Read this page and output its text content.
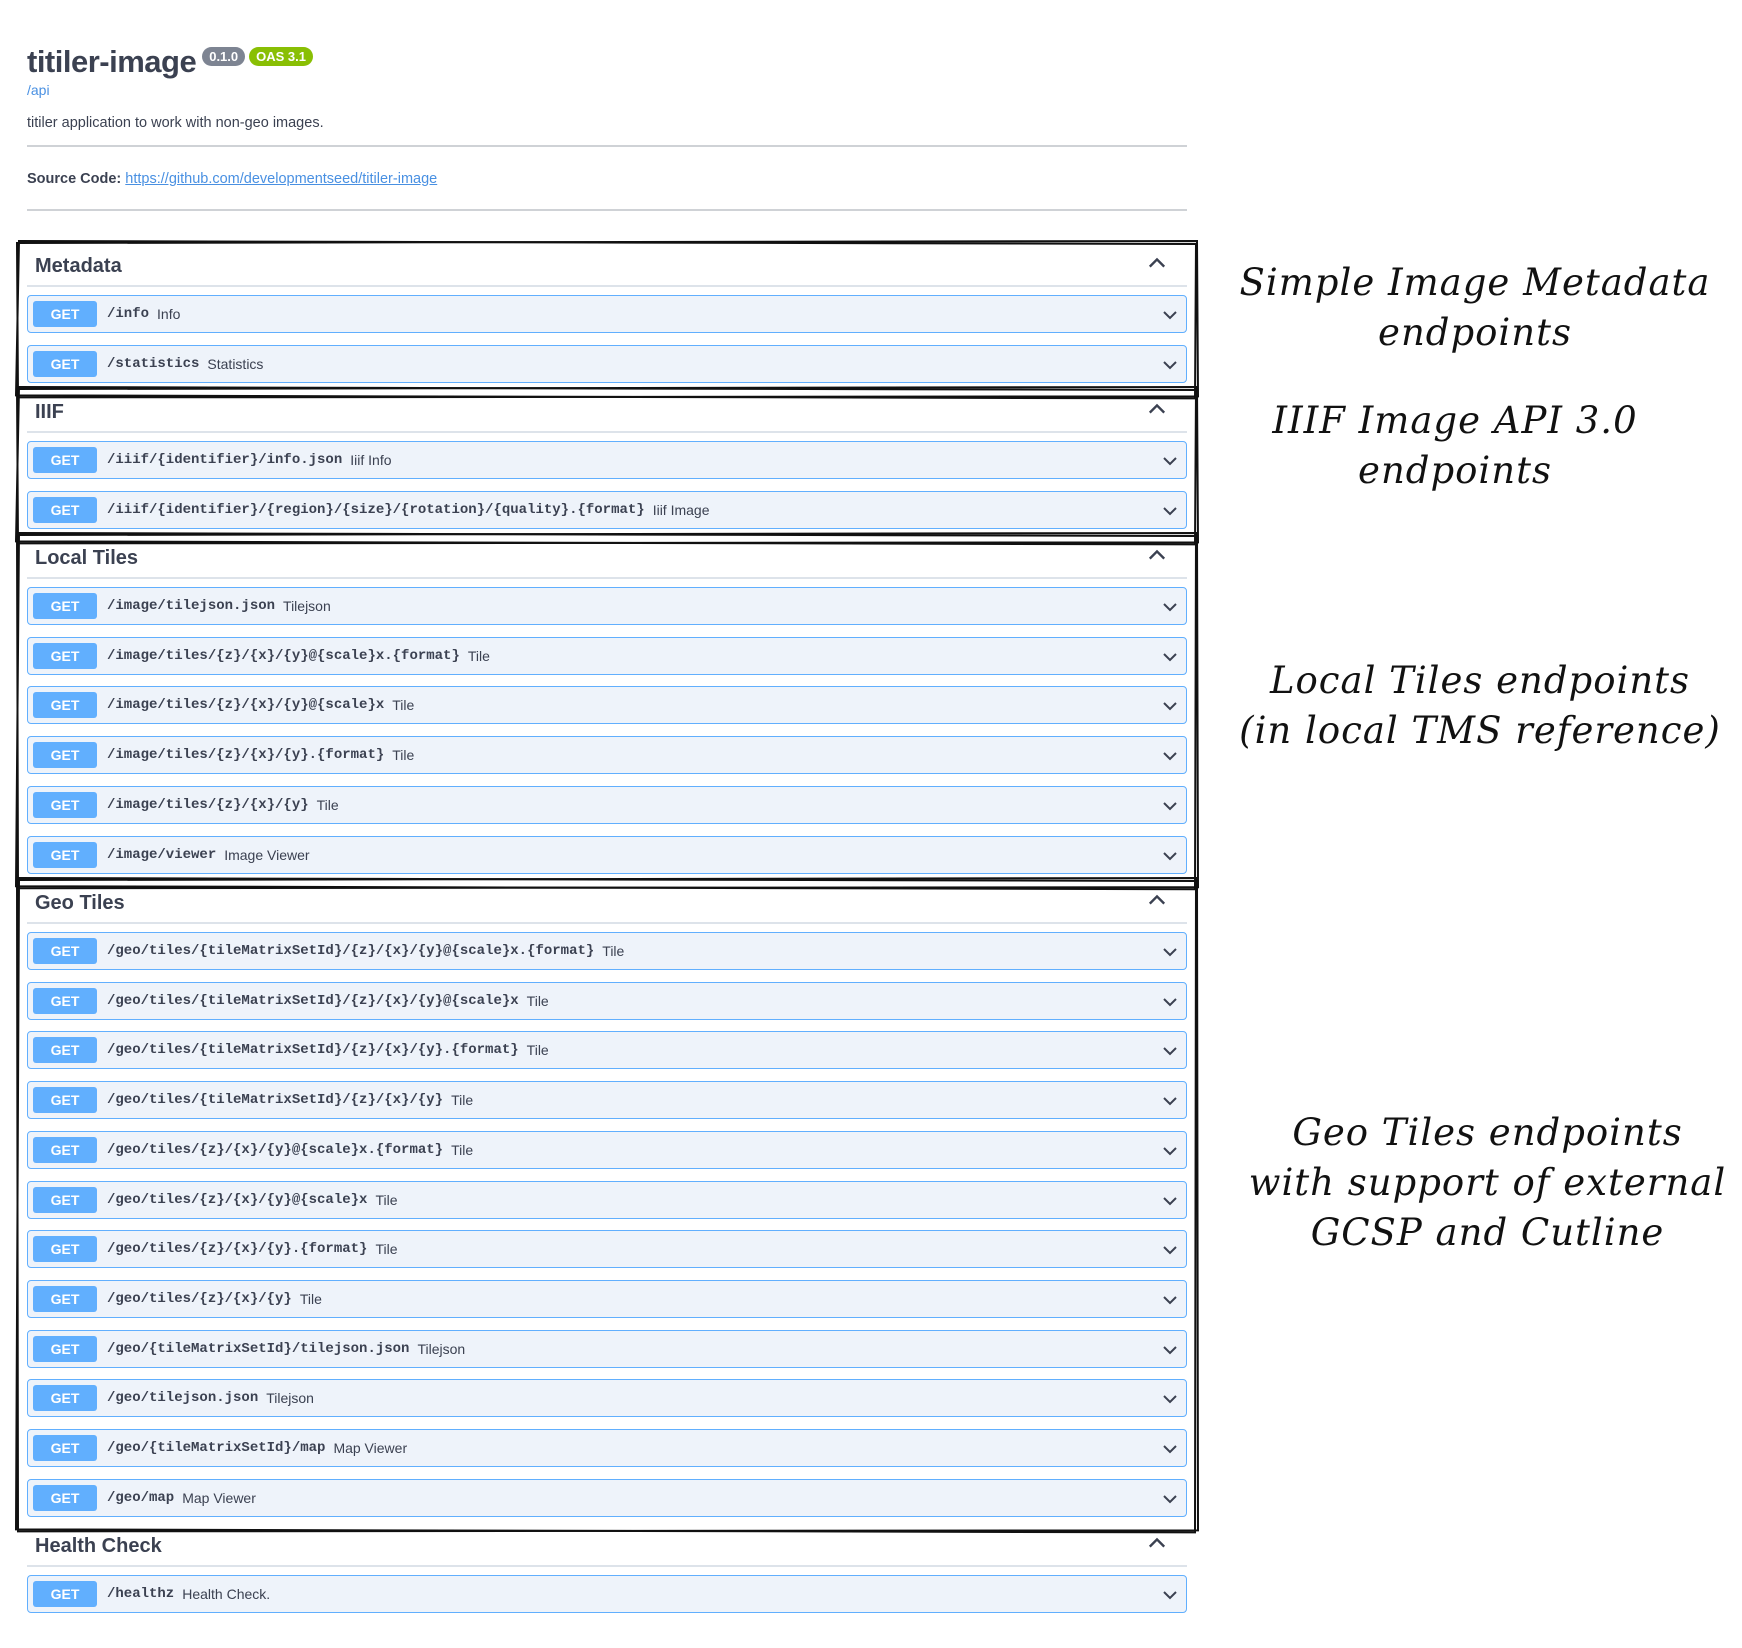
titiler-image	0.1.0	OAS 3.1
/api
titiler application to work with non-geo images.
Source Code: https://github.com/developmentseed/titiler-image
Metadata
GET	/info Info
GET	/statistics Statistics
IIIF
GET	/iiif/{identifier}/info.json Iiif Info
GET	/iiif/{identifier}/{region}/{size}/{rotation}/{quality}.{format} Iiif Image
Local Tiles
GET	/image/tilejson.json Tilejson
GET	/image/tiles/{z}/{x}/{y}@{scale}x.{format} Tile
GET	/image/tiles/{z}/{x}/{y}@{scale}x Tile
GET	/image/tiles/{z}/{x}/{y}.{format} Tile
GET	/image/tiles/{z}/{x}/{y} Tile
GET	/image/viewer Image Viewer
Geo Tiles
GET	/geo/tiles/{tileMatrixSetId}/{z}/{x}/{y}@{scale}x.{format} Tile
GET	/geo/tiles/{tileMatrixSetId}/{z}/{x}/{y}@{scale}x Tile
GET	/geo/tiles/{tileMatrixSetId}/{z}/{x}/{y}.{format} Tile
GET	/geo/tiles/{tileMatrixSetId}/{z}/{x}/{y} Tile
GET	/geo/tiles/{z}/{x}/{y}@{scale}x.{format} Tile
GET	/geo/tiles/{z}/{x}/{y}@{scale}x Tile
GET	/geo/tiles/{z}/{x}/{y}.{format} Tile
GET	/geo/tiles/{z}/{x}/{y} Tile
GET	/geo/{tileMatrixSetId}/tilejson.json Tilejson
GET	/geo/tilejson.json Tilejson
GET	/geo/{tileMatrixSetId}/map Map Viewer
GET	/geo/map Map Viewer
Health Check
GET	/healthz Health Check.
Simple Image Metadata
endpoints
IIIF Image API 3.0
endpoints
Local Tiles endpoints
(in local TMS reference)
Geo Tiles endpoints
with support of external
GCSP and Cutline
